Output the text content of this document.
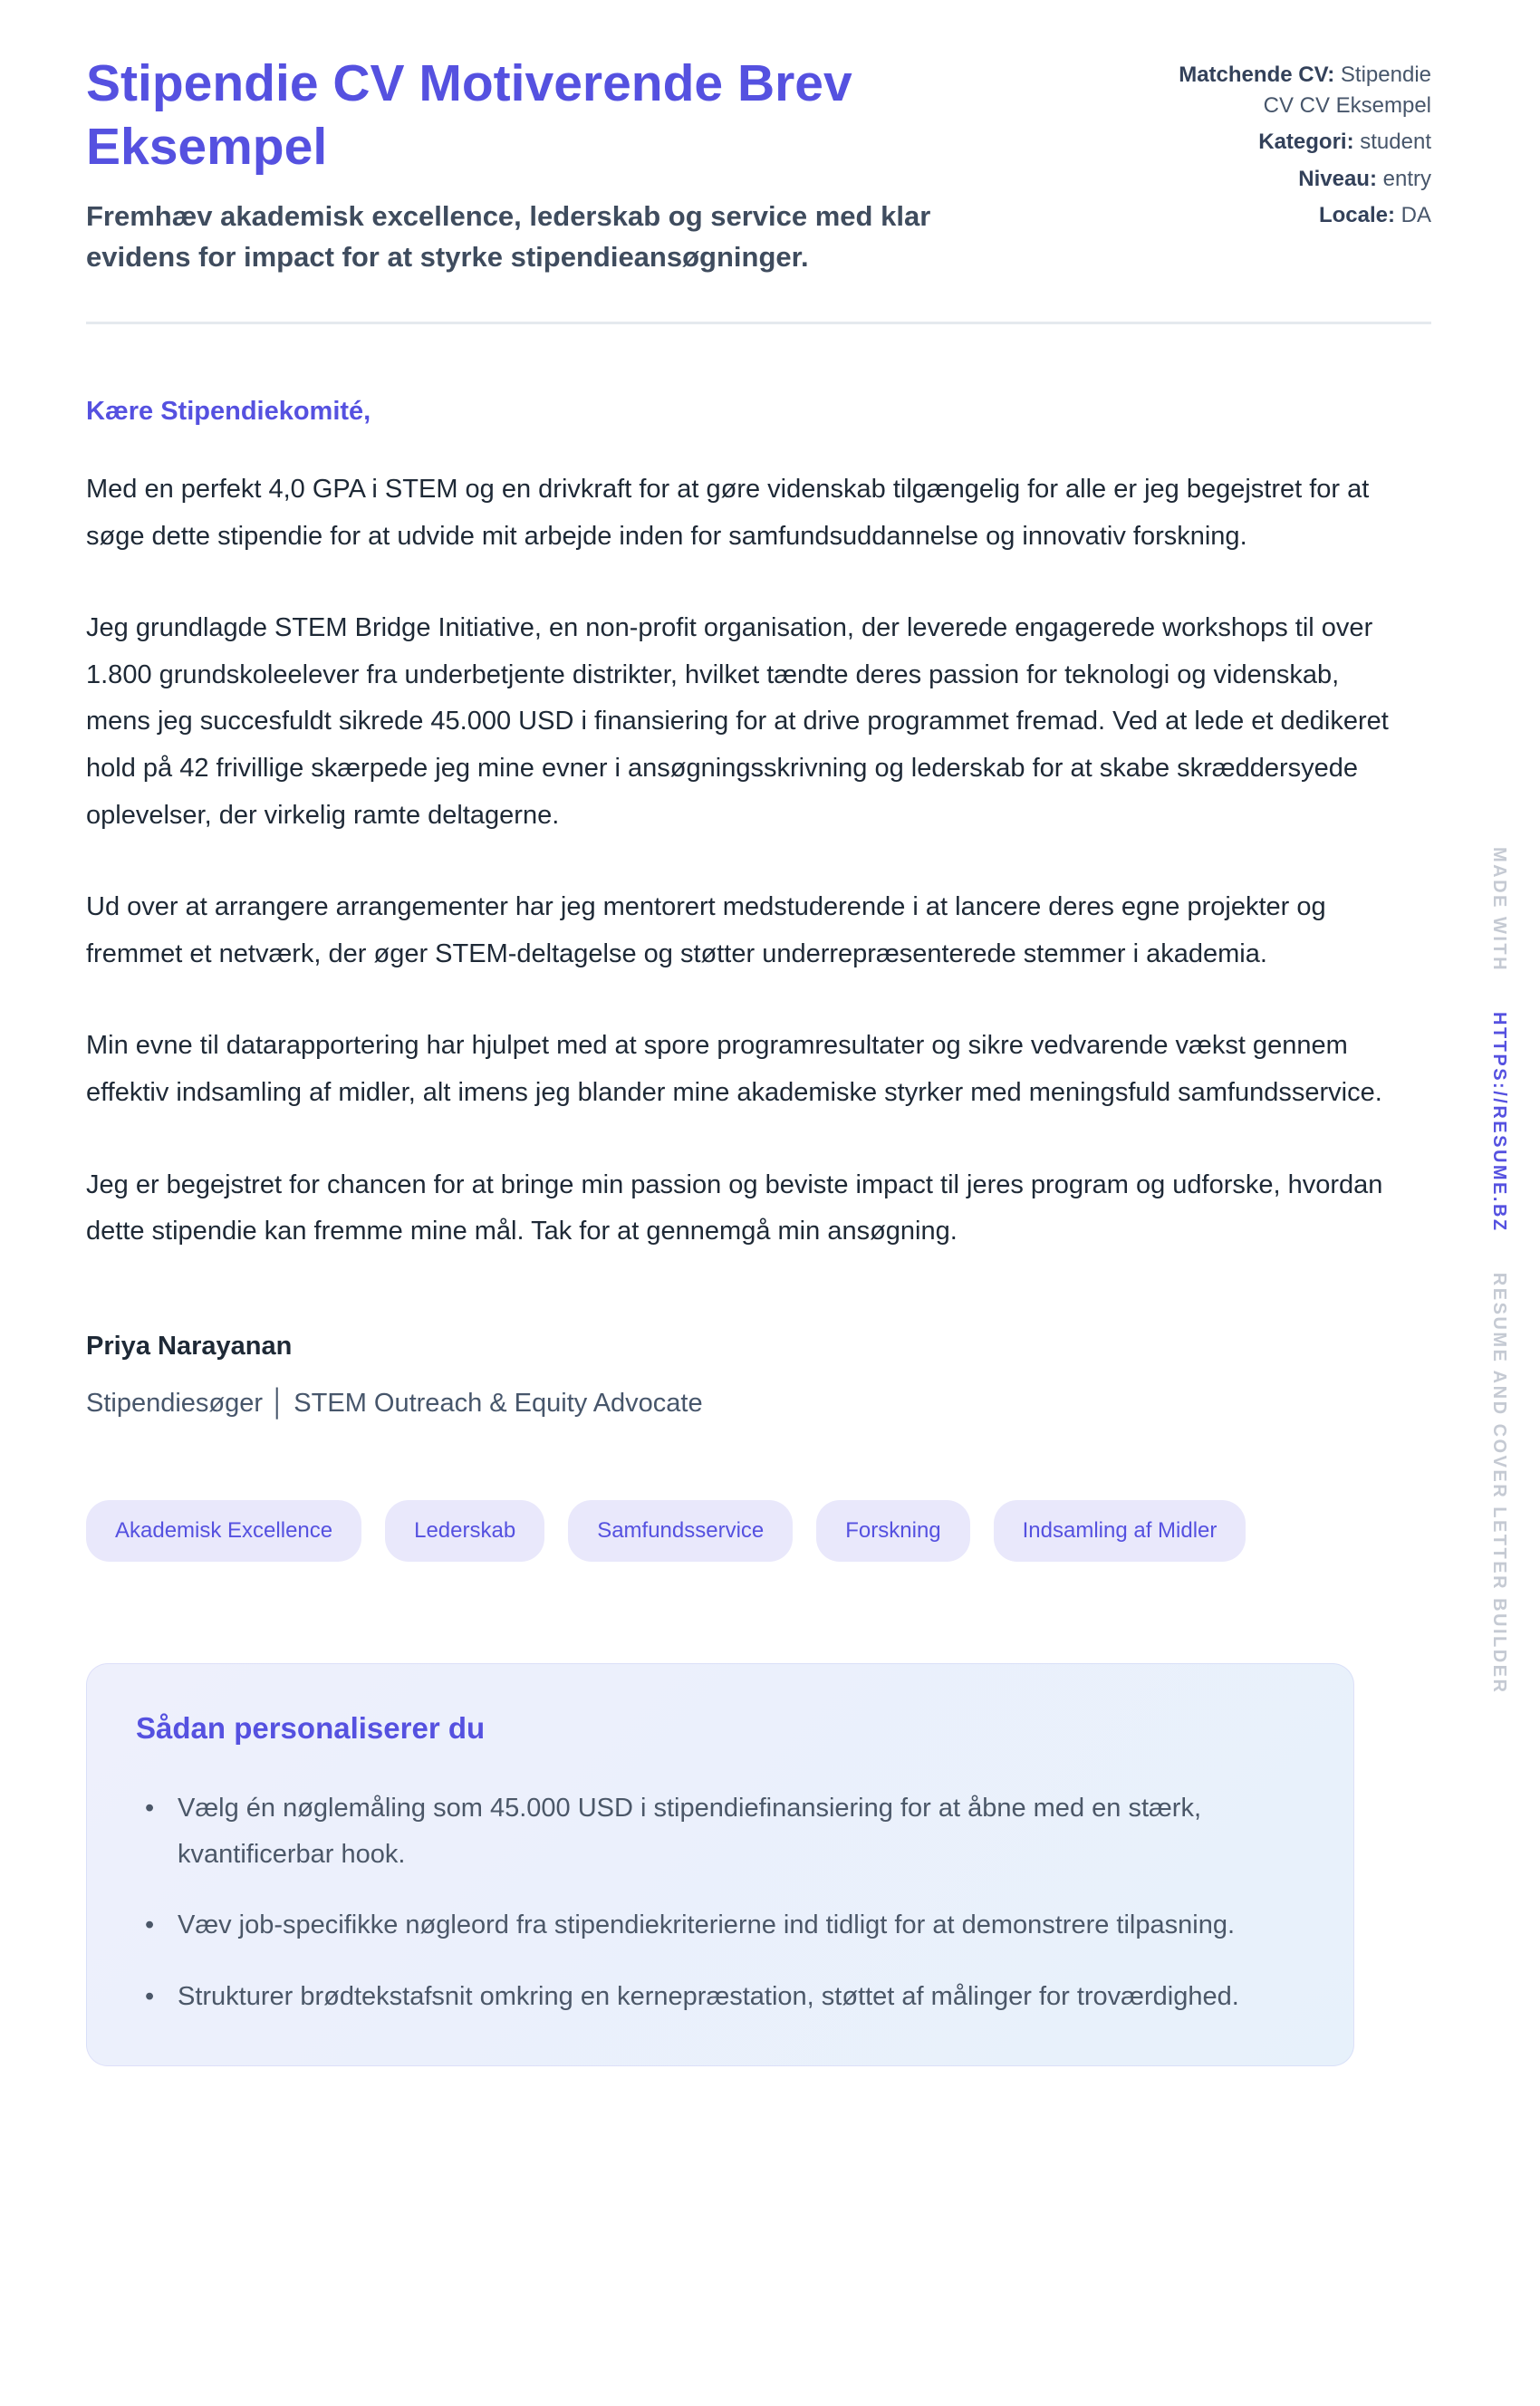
Stipendie CV Motiverende Brev Eksempel

Fremhæv akademisk excellence, lederskab og service med klar evidens for impact for at styrke stipendieansøgninger.

Matchende CV: Stipendie CV CV Eksempel
Kategori: student
Niveau: entry
Locale: DA

Kære Stipendiekomité,

Med en perfekt 4,0 GPA i STEM og en drivkraft for at gøre videnskab tilgængelig for alle er jeg begejstret for at søge dette stipendie for at udvide mit arbejde inden for samfundsuddannelse og innovativ forskning.

Jeg grundlagde STEM Bridge Initiative, en non-profit organisation, der leverede engagerede workshops til over 1.800 grundskoleelever fra underbetjente distrikter, hvilket tændte deres passion for teknologi og videnskab, mens jeg succesfuldt sikrede 45.000 USD i finansiering for at drive programmet fremad. Ved at lede et dedikeret hold på 42 frivillige skærpede jeg mine evner i ansøgningsskrivning og lederskab for at skabe skræddersyede oplevelser, der virkelig ramte deltagerne.

Ud over at arrangere arrangementer har jeg mentorert medstuderende i at lancere deres egne projekter og fremmet et netværk, der øger STEM-deltagelse og støtter underrepræsenterede stemmer i akademia.

Min evne til datarapportering har hjulpet med at spore programresultater og sikre vedvarende vækst gennem effektiv indsamling af midler, alt imens jeg blander mine akademiske styrker med meningsfuld samfundsservice.

Jeg er begejstret for chancen for at bringe min passion og beviste impact til jeres program og udforske, hvordan dette stipendie kan fremme mine mål. Tak for at gennemgå min ansøgning.

Priya Narayanan

Stipendiesøger │ STEM Outreach & Equity Advocate

Akademisk Excellence	Lederskab	Samfundsservice	Forskning	Indsamling af Midler
Sådan personaliserer du
• Vælg én nøglemåling som 45.000 USD i stipendiefinansiering for at åbne med en stærk, kvantificerbar hook.
• Væv job-specifikke nøgleord fra stipendiekriterierne ind tidligt for at demonstrere tilpasning.
• Strukturer brødtekstafsnit omkring en kernepræstation, støttet af målinger for troværdighed.
MADE WITH HTTPS://RESUME.BZ RESUME AND COVER LETTER BUILDER
